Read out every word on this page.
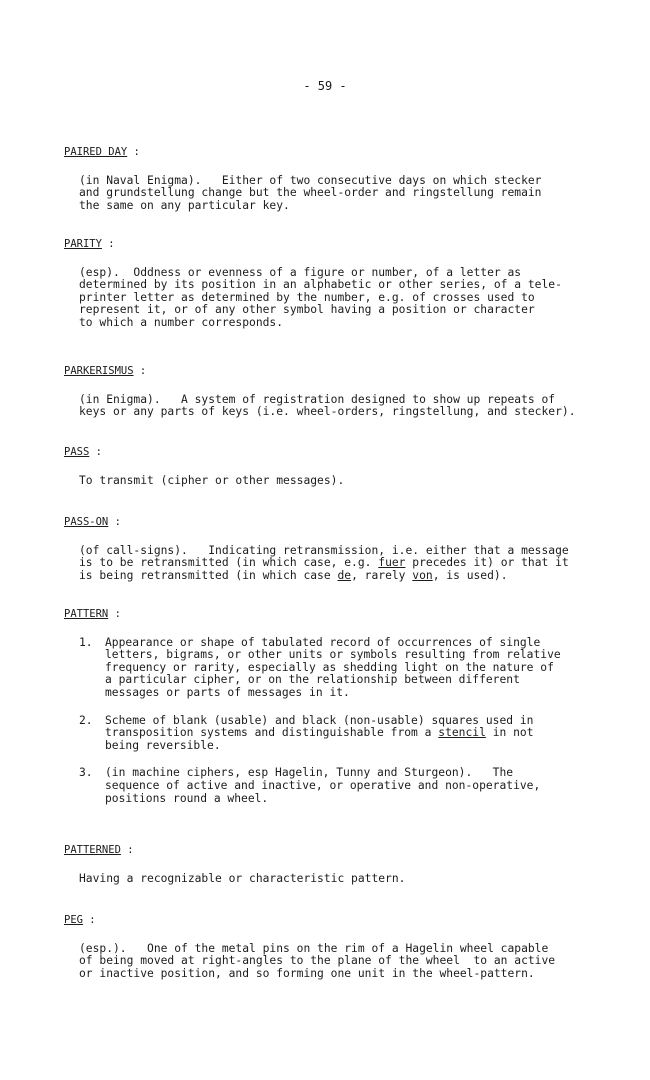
- 59 -
PAIRED DAY :
(in Naval Enigma).   Either of two consecutive days on which stecker
and grundstellung change but the wheel-order and ringstellung remain
the same on any particular key.
PARITY :
(esp).  Oddness or evenness of a figure or number, of a letter as
determined by its position in an alphabetic or other series, of a tele-
printer letter as determined by the number, e.g. of crosses used to
represent it, or of any other symbol having a position or character
to which a number corresponds.
PARKERISMUS :
(in Enigma).   A system of registration designed to show up repeats of
keys or any parts of keys (i.e. wheel-orders, ringstellung, and stecker).
PASS :
To transmit (cipher or other messages).
PASS-ON :
(of call-signs).   Indicating retransmission, i.e. either that a message
is to be retransmitted (in which case, e.g. fuer precedes it) or that it
is being retransmitted (in which case de, rarely von, is used).
PATTERN :
1. Appearance or shape of tabulated record of occurrences of single
letters, bigrams, or other units or symbols resulting from relative
frequency or rarity, especially as shedding light on the nature of
a particular cipher, or on the relationship between different
messages or parts of messages in it.
2. Scheme of blank (usable) and black (non-usable) squares used in
transposition systems and distinguishable from a stencil in not
being reversible.
3. (in machine ciphers, esp Hagelin, Tunny and Sturgeon).   The
sequence of active and inactive, or operative and non-operative,
positions round a wheel.
PATTERNED :
Having a recognizable or characteristic pattern.
PEG :
(esp.).   One of the metal pins on the rim of a Hagelin wheel capable
of being moved at right-angles to the plane of the wheel  to an active
or inactive position, and so forming one unit in the wheel-pattern.
